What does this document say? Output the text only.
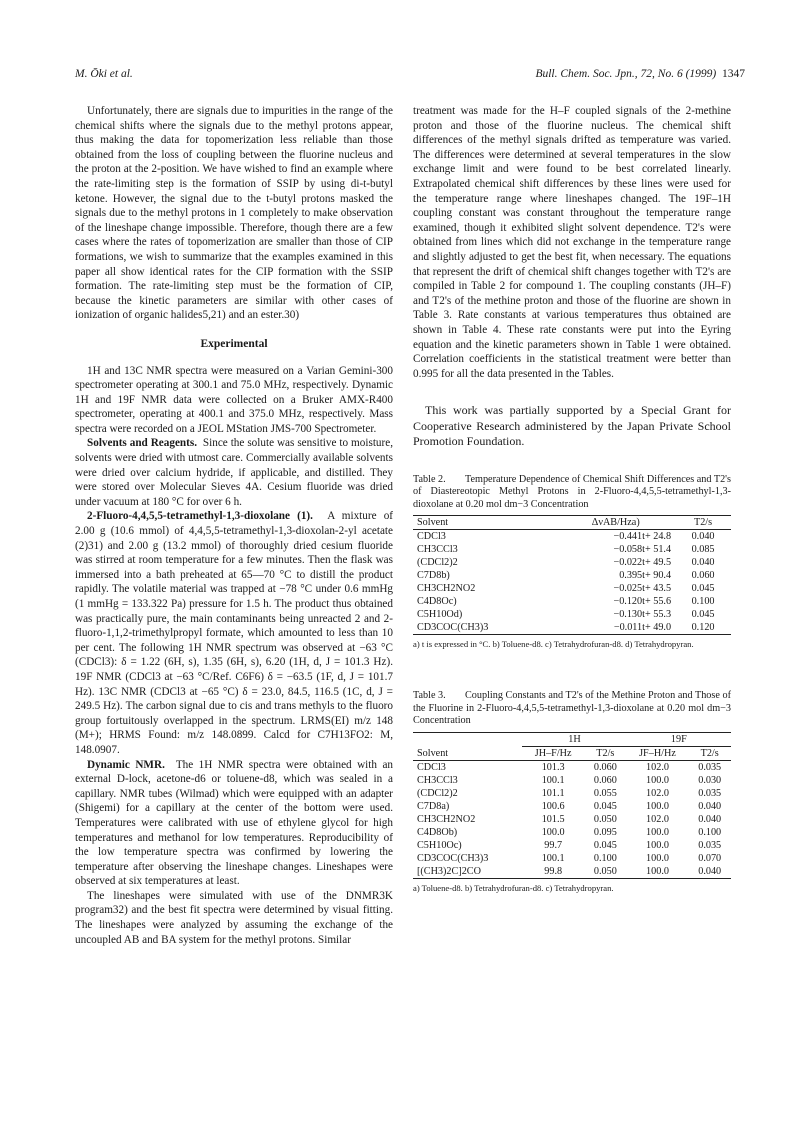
M. Ōki et al.	Bull. Chem. Soc. Jpn., 72, No. 6 (1999) 1347

Unfortunately, there are signals due to impurities in the range of the chemical shifts where the signals due to the methyl protons appear, thus making the data for topomerization less reliable than those obtained from the loss of coupling between the fluorine nucleus and the proton at the 2-position. We have wished to find an example where the rate-limiting step is the formation of SSIP by using di-t-butyl ketone. However, the signal due to the t-butyl protons masked the signals due to the methyl protons in 1 completely to make observation of the lineshape change impossible. Therefore, though there are a few cases where the rates of topomerization are smaller than those of CIP formations, we wish to summarize that the examples examined in this paper all show identical rates for the CIP formation with the SSIP formation. The rate-limiting step must be the formation of CIP, because the kinetic parameters are similar with other cases of ionization of organic halides5,21) and an ester.30)

Experimental

1H and 13C NMR spectra were measured on a Varian Gemini-300 spectrometer operating at 300.1 and 75.0 MHz, respectively. Dynamic 1H and 19F NMR data were collected on a Bruker AMX-R400 spectrometer, operating at 400.1 and 375.0 MHz, respectively. Mass spectra were recorded on a JEOL MStation JMS-700 Spectrometer.

Solvents and Reagents. Since the solute was sensitive to moisture, solvents were dried with utmost care. Commercially available solvents were dried over calcium hydride, if applicable, and distilled. They were stored over Molecular Sieves 4A. Cesium fluoride was dried under vacuum at 180 °C for over 6 h.

2-Fluoro-4,4,5,5-tetramethyl-1,3-dioxolane (1). A mixture of 2.00 g (10.6 mmol) of 4,4,5,5-tetramethyl-1,3-dioxolan-2-yl acetate (2)31) and 2.00 g (13.2 mmol) of thoroughly dried cesium fluoride was stirred at room temperature for a few minutes. Then the flask was immersed into a bath preheated at 65—70 °C to distill the product rapidly. The volatile material was trapped at −78 °C under 0.6 mmHg (1 mmHg = 133.322 Pa) pressure for 1.5 h. The product thus obtained was practically pure, the main contaminants being unreacted 2 and 2-fluoro-1,1,2-trimethylpropyl formate, which amounted to less than 10 per cent. The following 1H NMR spectrum was observed at −63 °C (CDCl3): δ = 1.22 (6H, s), 1.35 (6H, s), 6.20 (1H, d, J = 101.3 Hz). 19F NMR (CDCl3 at −63 °C/Ref. C6F6) δ = −63.5 (1F, d, J = 101.7 Hz). 13C NMR (CDCl3 at −65 °C) δ = 23.0, 84.5, 116.5 (1C, d, J = 249.5 Hz). The carbon signal due to cis and trans methyls to the fluoro group fortuitously overlapped in the spectrum. LRMS(EI) m/z 148 (M+); HRMS Found: m/z 148.0899. Calcd for C7H13FO2: M, 148.0907.

Dynamic NMR. The 1H NMR spectra were obtained with an external D-lock, acetone-d6 or toluene-d8, which was sealed in a capillary. NMR tubes (Wilmad) which were equipped with an adapter (Shigemi) for a capillary at the center of the bottom were used. Temperatures were calibrated with use of ethylene glycol for high temperatures and methanol for low temperatures. Reproducibility of the low temperature spectra was confirmed by lowering the temperature after observing the lineshape changes. Lineshapes were observed at six temperatures at least.

The lineshapes were simulated with use of the DNMR3K program32) and the best fit spectra were determined by visual fitting. The lineshapes were analyzed by assuming the exchange of the uncoupled AB and BA system for the methyl protons. Similar

treatment was made for the H–F coupled signals of the 2-methine proton and those of the fluorine nucleus. The chemical shift differences of the methyl signals drifted as temperature was varied. The differences were determined at several temperatures in the slow exchange limit and were found to be best correlated linearly. Extrapolated chemical shift differences by these lines were used for the temperature range where lineshapes changed. The 19F–1H coupling constant was constant throughout the temperature range examined, though it exhibited slight solvent dependence. T2's were obtained from lines which did not exchange in the temperature range and slightly adjusted to get the best fit, when necessary. The equations that represent the drift of chemical shift changes together with T2's are compiled in Table 2 for compound 1. The coupling constants (JH–F) and T2's of the methine proton and those of the fluorine are shown in Table 3. Rate constants at various temperatures thus obtained are shown in Table 4. These rate constants were put into the Eyring equation and the kinetic parameters shown in Table 1 were obtained. Correlation coefficients in the statistical treatment were better than 0.995 for all the data presented in the Tables.

This work was partially supported by a Special Grant for Cooperative Research administered by the Japan Private School Promotion Foundation.

Table 2. Temperature Dependence of Chemical Shift Differences and T2's of Diastereotopic Methyl Protons in 2-Fluoro-4,4,5,5-tetramethyl-1,3-dioxolane at 0.20 mol dm−3 Concentration
Solvent	ΔνAB/Hza)	T2/s
CDCl3	−0.441t+ 24.8	0.040
CH3CCl3	−0.058t+ 51.4	0.085
(CDCl2)2	−0.022t+ 49.5	0.040
C7D8b)	0.395t+ 90.4	0.060
CH3CH2NO2	−0.025t+ 43.5	0.045
C4D8Oc)	−0.120t+ 55.6	0.100
C5H10Od)	−0.130t+ 55.3	0.045
CD3COC(CH3)3	−0.011t+ 49.0	0.120
a) t is expressed in °C. b) Toluene-d8. c) Tetrahydrofuran-d8. d) Tetrahydropyran.
Table 3. Coupling Constants and T2's of the Methine Proton and Those of the Fluorine in 2-Fluoro-4,4,5,5-tetramethyl-1,3-dioxolane at 0.20 mol dm−3 Concentration
	1H		19F	
Solvent	JH–F/Hz	T2/s	JF–H/Hz	T2/s
CDCl3	101.3	0.060	102.0	0.035
CH3CCl3	100.1	0.060	100.0	0.030
(CDCl2)2	101.1	0.055	102.0	0.035
C7D8a)	100.6	0.045	100.0	0.040
CH3CH2NO2	101.5	0.050	102.0	0.040
C4D8Ob)	100.0	0.095	100.0	0.100
C5H10Oc)	99.7	0.045	100.0	0.035
CD3COC(CH3)3	100.1	0.100	100.0	0.070
[(CH3)2C]2CO	99.8	0.050	100.0	0.040
a) Toluene-d8. b) Tetrahydrofuran-d8. c) Tetrahydropyran.
